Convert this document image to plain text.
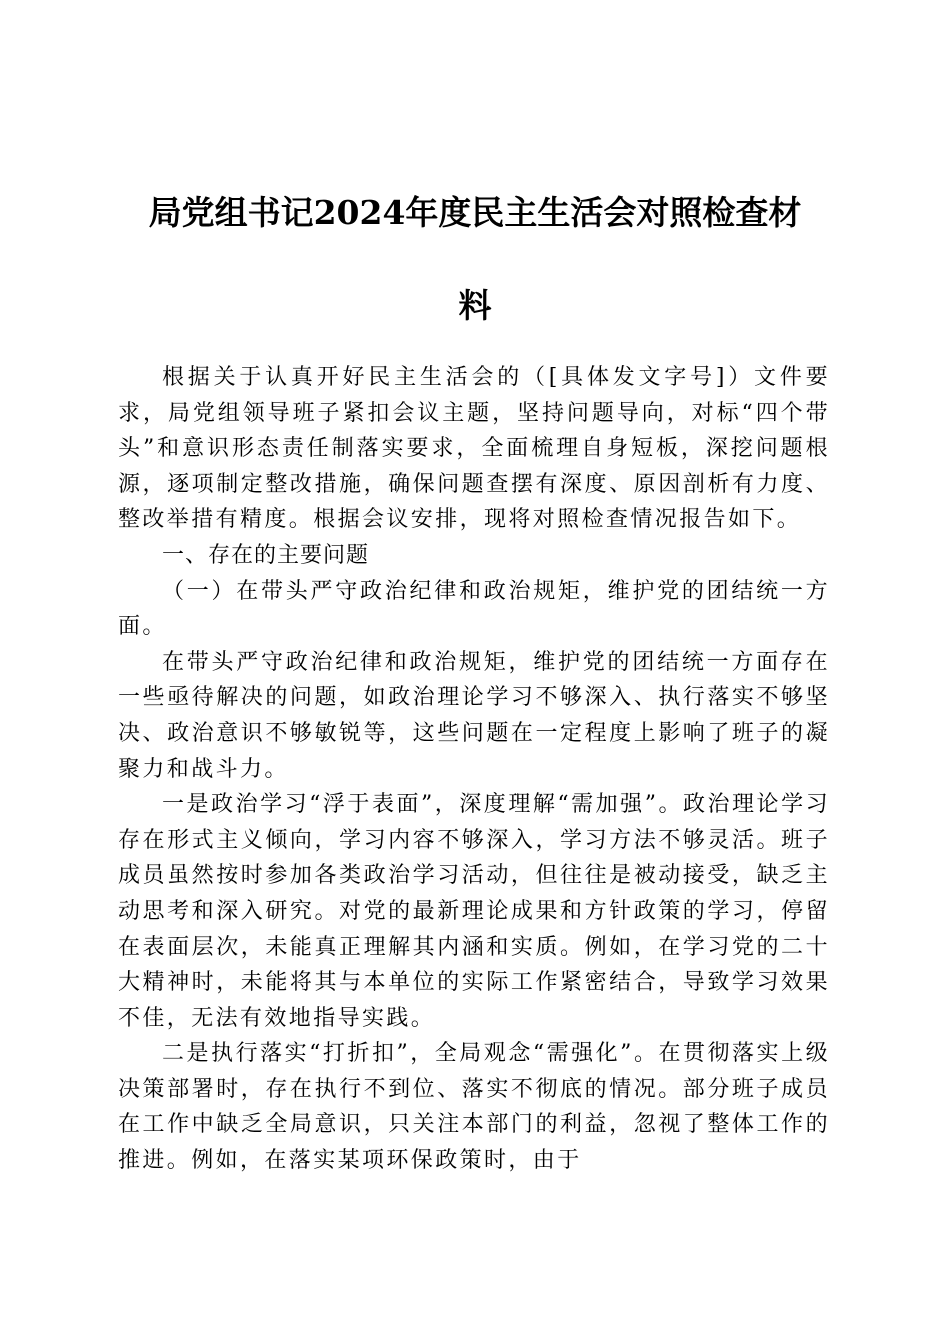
局党组书记2024年度民主生活会对照检查材
料

根据关于认真开好民主生活会的（[具体发文字号]）文件要求，局党组领导班子紧扣会议主题，坚持问题导向，对标“四个带头”和意识形态责任制落实要求，全面梳理自身短板，深挖问题根源，逐项制定整改措施，确保问题查摆有深度、原因剖析有力度、整改举措有精度。根据会议安排，现将对照检查情况报告如下。

一、存在的主要问题

（一）在带头严守政治纪律和政治规矩，维护党的团结统一方面。

在带头严守政治纪律和政治规矩，维护党的团结统一方面存在一些亟待解决的问题，如政治理论学习不够深入、执行落实不够坚决、政治意识不够敏锐等，这些问题在一定程度上影响了班子的凝聚力和战斗力。

一是政治学习“浮于表面”，深度理解“需加强”。政治理论学习存在形式主义倾向，学习内容不够深入，学习方法不够灵活。班子成员虽然按时参加各类政治学习活动，但往往是被动接受，缺乏主动思考和深入研究。对党的最新理论成果和方针政策的学习，停留在表面层次，未能真正理解其内涵和实质。例如，在学习党的二十大精神时，未能将其与本单位的实际工作紧密结合，导致学习效果不佳，无法有效地指导实践。

二是执行落实“打折扣”，全局观念“需强化”。在贯彻落实上级决策部署时，存在执行不到位、落实不彻底的情况。部分班子成员在工作中缺乏全局意识，只关注本部门的利益，忽视了整体工作的推进。例如，在落实某项环保政策时，由于
